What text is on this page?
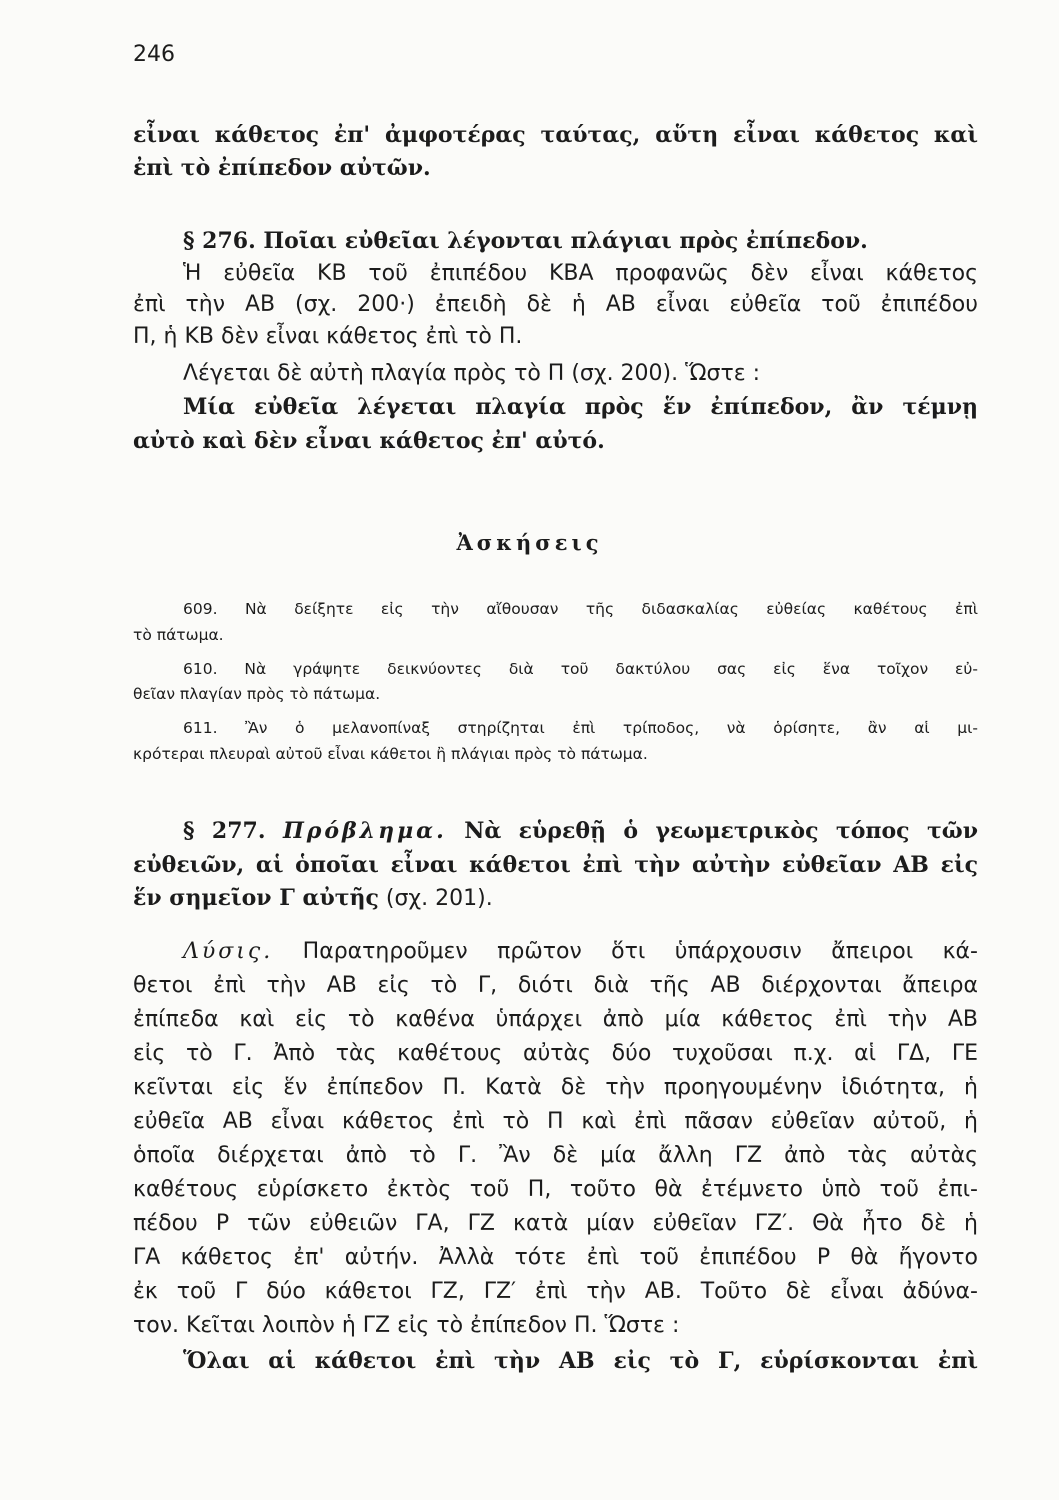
246
εἶναι κάθετος ἐπ' ἀμφοτέρας ταύτας, αὕτη εἶναι κάθετος καὶ
ἐπὶ τὸ ἐπίπεδον αὐτῶν.
§ 276. Ποῖαι εὐθεῖαι λέγονται πλάγιαι πρὸς ἐπίπεδον.
Ἡ εὐθεῖα ΚΒ τοῦ ἐπιπέδου ΚΒΑ προφανῶς δὲν εἶναι κάθετος
ἐπὶ τὴν ΑΒ (σχ. 200·) ἐπειδὴ δὲ ἡ ΑΒ εἶναι εὐθεῖα τοῦ ἐπιπέδου
Π, ἡ ΚΒ δὲν εἶναι κάθετος ἐπὶ τὸ Π.
Λέγεται δὲ αὐτὴ πλαγία πρὸς τὸ Π (σχ. 200). Ὥστε :
Μία εὐθεῖα λέγεται πλαγία πρὸς ἕν ἐπίπεδον, ἂν τέμνῃ
αὐτὸ καὶ δὲν εἶναι κάθετος ἐπ' αὐτό.
Ἀσκήσεις
609. Νὰ δείξητε εἰς τὴν αἴθουσαν τῆς διδασκαλίας εὐθείας καθέτους ἐπὶ
τὸ πάτωμα.
610. Νὰ γράψητε δεικνύοντες διὰ τοῦ δακτύλου σας εἰς ἕνα τοῖχον εὐ-
θεῖαν πλαγίαν πρὸς τὸ πάτωμα.
611. Ἂν ὁ μελανοπίναξ στηρίζηται ἐπὶ τρίποδος, νὰ ὁρίσητε, ἂν αἱ μι-
κρότεραι πλευραὶ αὐτοῦ εἶναι κάθετοι ἢ πλάγιαι πρὸς τὸ πάτωμα.
§ 277. Πρόβλημα. Νὰ εὑρεθῇ ὁ γεωμετρικὸς τόπος τῶν
εὐθειῶν, αἱ ὁποῖαι εἶναι κάθετοι ἐπὶ τὴν αὐτὴν εὐθεῖαν ΑΒ εἰς
ἕν σημεῖον Γ αὐτῆς (σχ. 201).
Λύσις. Παρατηροῦμεν πρῶτον ὅτι ὑπάρχουσιν ἄπειροι κά-
θετοι ἐπὶ τὴν ΑΒ εἰς τὸ Γ, διότι διὰ τῆς ΑΒ διέρχονται ἄπειρα
ἐπίπεδα καὶ εἰς τὸ καθένα ὑπάρχει ἀπὸ μία κάθετος ἐπὶ τὴν ΑΒ
εἰς τὸ Γ. Ἀπὸ τὰς καθέτους αὐτὰς δύο τυχοῦσαι π.χ. αἱ ΓΔ, ΓΕ
κεῖνται εἰς ἕν ἐπίπεδον Π. Κατὰ δὲ τὴν προηγουμένην ἰδιότητα, ἡ
εὐθεῖα ΑΒ εἶναι κάθετος ἐπὶ τὸ Π καὶ ἐπὶ πᾶσαν εὐθεῖαν αὐτοῦ, ἡ
ὁποῖα διέρχεται ἀπὸ τὸ Γ. Ἂν δὲ μία ἄλλη ΓΖ ἀπὸ τὰς αὐτὰς
καθέτους εὑρίσκετο ἐκτὸς τοῦ Π, τοῦτο θὰ ἐτέμνετο ὑπὸ τοῦ ἐπι-
πέδου Ρ τῶν εὐθειῶν ΓΑ, ΓΖ κατὰ μίαν εὐθεῖαν ΓΖ′. Θὰ ἦτο δὲ ἡ
ΓΑ κάθετος ἐπ' αὐτήν. Ἀλλὰ τότε ἐπὶ τοῦ ἐπιπέδου Ρ θὰ ἤγοντο
ἐκ τοῦ Γ δύο κάθετοι ΓΖ, ΓΖ′ ἐπὶ τὴν ΑΒ. Τοῦτο δὲ εἶναι ἀδύνα-
τον. Κεῖται λοιπὸν ἡ ΓΖ εἰς τὸ ἐπίπεδον Π. Ὥστε :
Ὅλαι αἱ κάθετοι ἐπὶ τὴν ΑΒ εἰς τὸ Γ, εὑρίσκονται ἐπὶ
